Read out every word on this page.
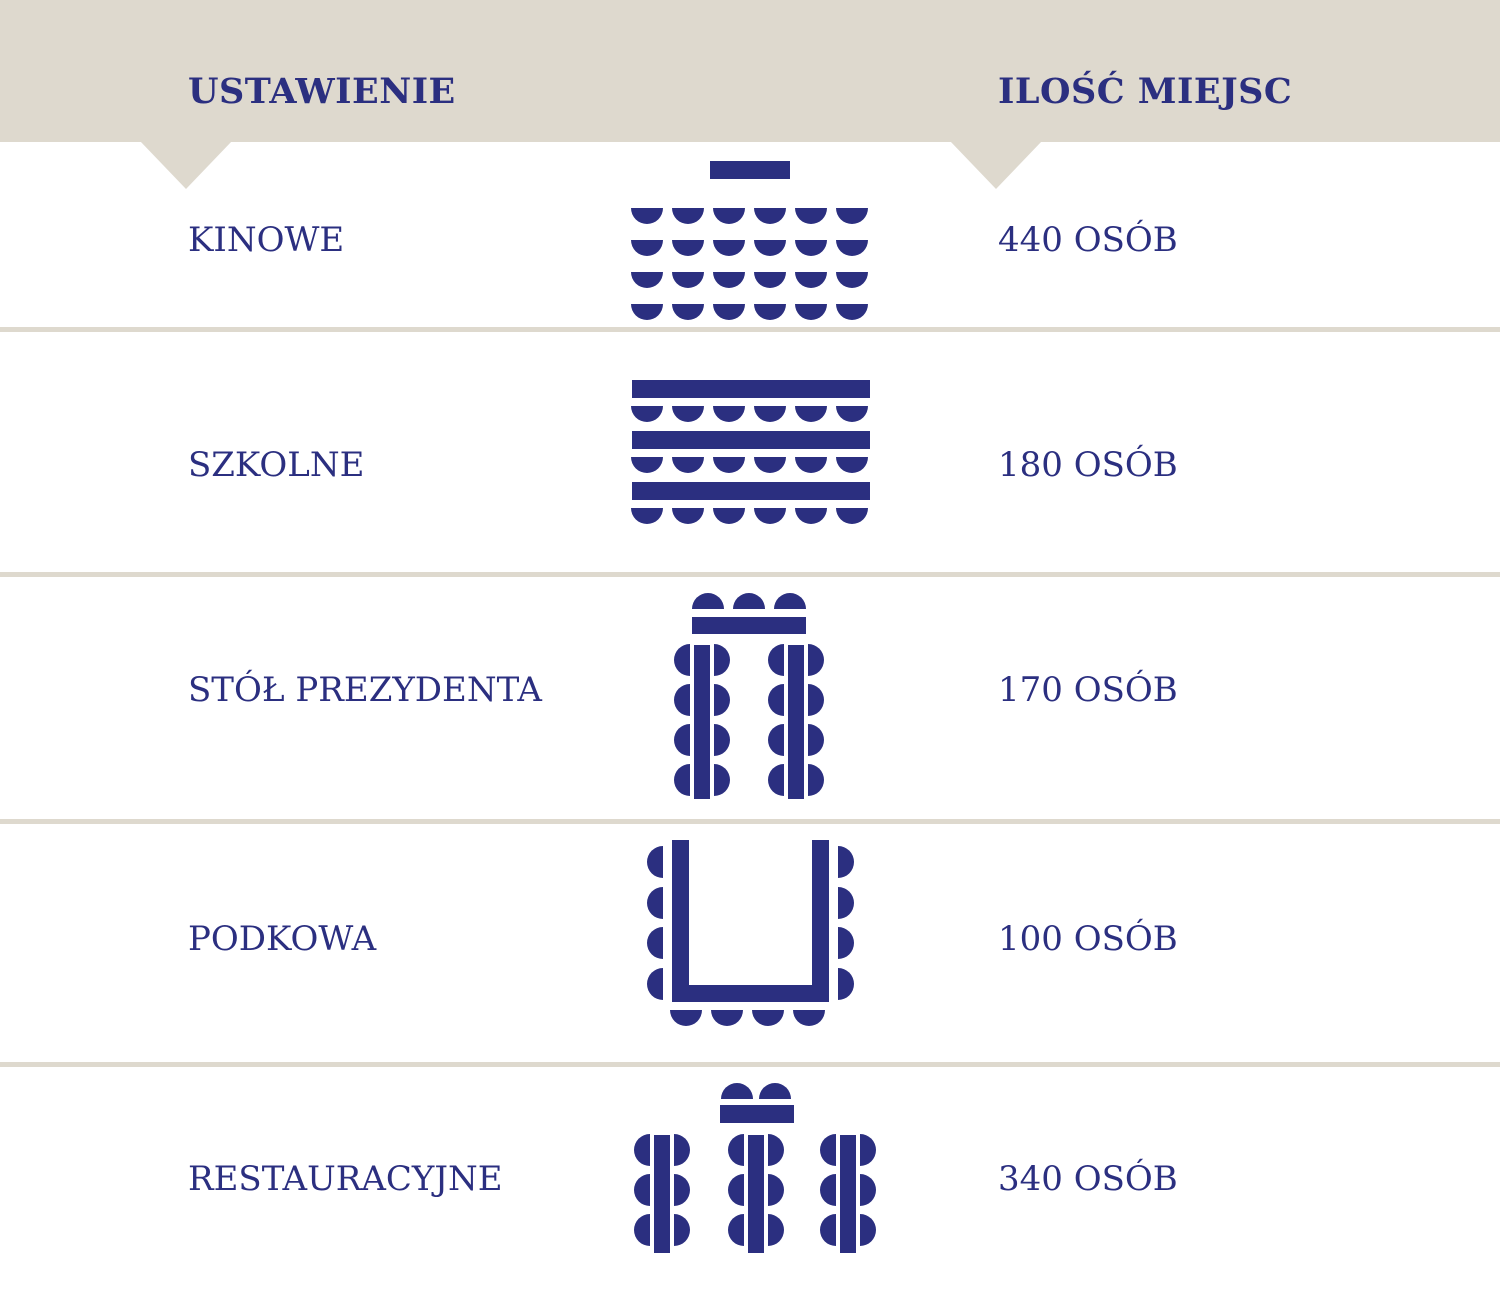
USTAWIENIE	ILOŚĆ MIEJSC
KINOWE	440 OSÓB
SZKOLNE	180 OSÓB
STÓŁ PREZYDENTA	170 OSÓB
PODKOWA	100 OSÓB
RESTAURACYJNE	340 OSÓB
